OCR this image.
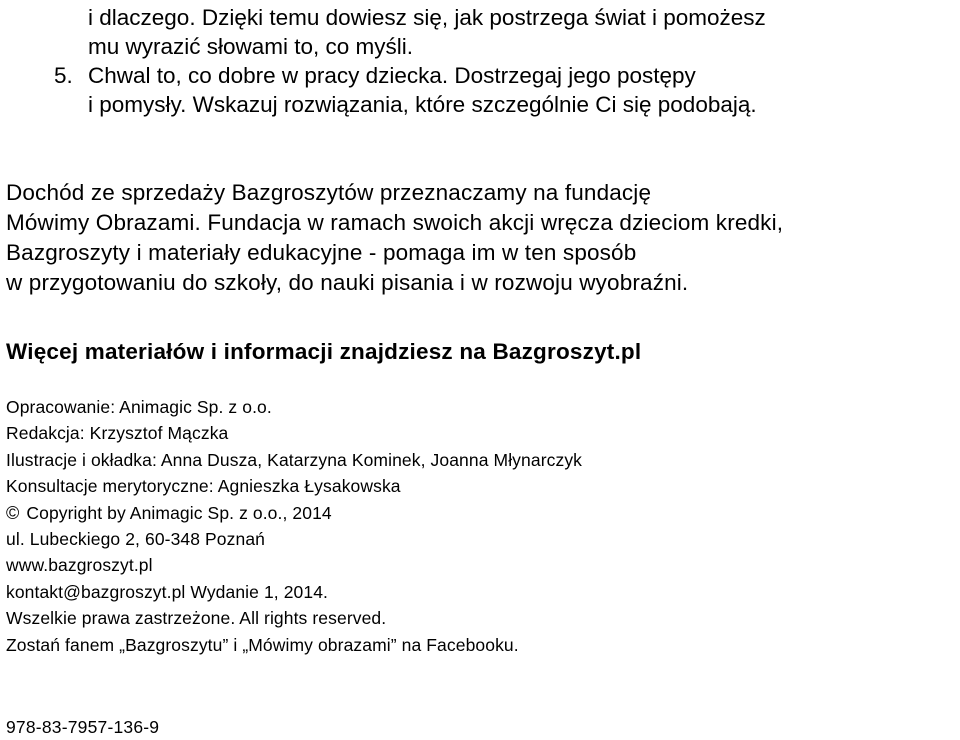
i dlaczego. Dzięki temu dowiesz się, jak postrzega świat i pomożesz
mu wyrazić słowami to, co myśli.
5. Chwal to, co dobre w pracy dziecka. Dostrzegaj jego postępy
i pomysły. Wskazuj rozwiązania, które szczególnie Ci się podobają.
Dochód ze sprzedaży Bazgroszytów przeznaczamy na fundację
Mówimy Obrazami. Fundacja w ramach swoich akcji wręcza dzieciom kredki,
Bazgroszyty i materiały edukacyjne - pomaga im w ten sposób
w przygotowaniu do szkoły, do nauki pisania i w rozwoju wyobraźni.
Więcej materiałów i informacji znajdziesz na Bazgroszyt.pl
Opracowanie: Animagic Sp. z o.o.
Redakcja: Krzysztof Mączka
Ilustracje i okładka: Anna Dusza, Katarzyna Kominek, Joanna Młynarczyk
Konsultacje merytoryczne: Agnieszka Łysakowska
© Copyright by Animagic Sp. z o.o., 2014
ul. Lubeckiego 2, 60-348 Poznań
www.bazgroszyt.pl
kontakt@bazgroszyt.pl Wydanie 1, 2014.
Wszelkie prawa zastrzeżone. All rights reserved.
Zostań fanem „Bazgroszytu” i „Mówimy obrazami” na Facebooku.
978-83-7957-136-9
